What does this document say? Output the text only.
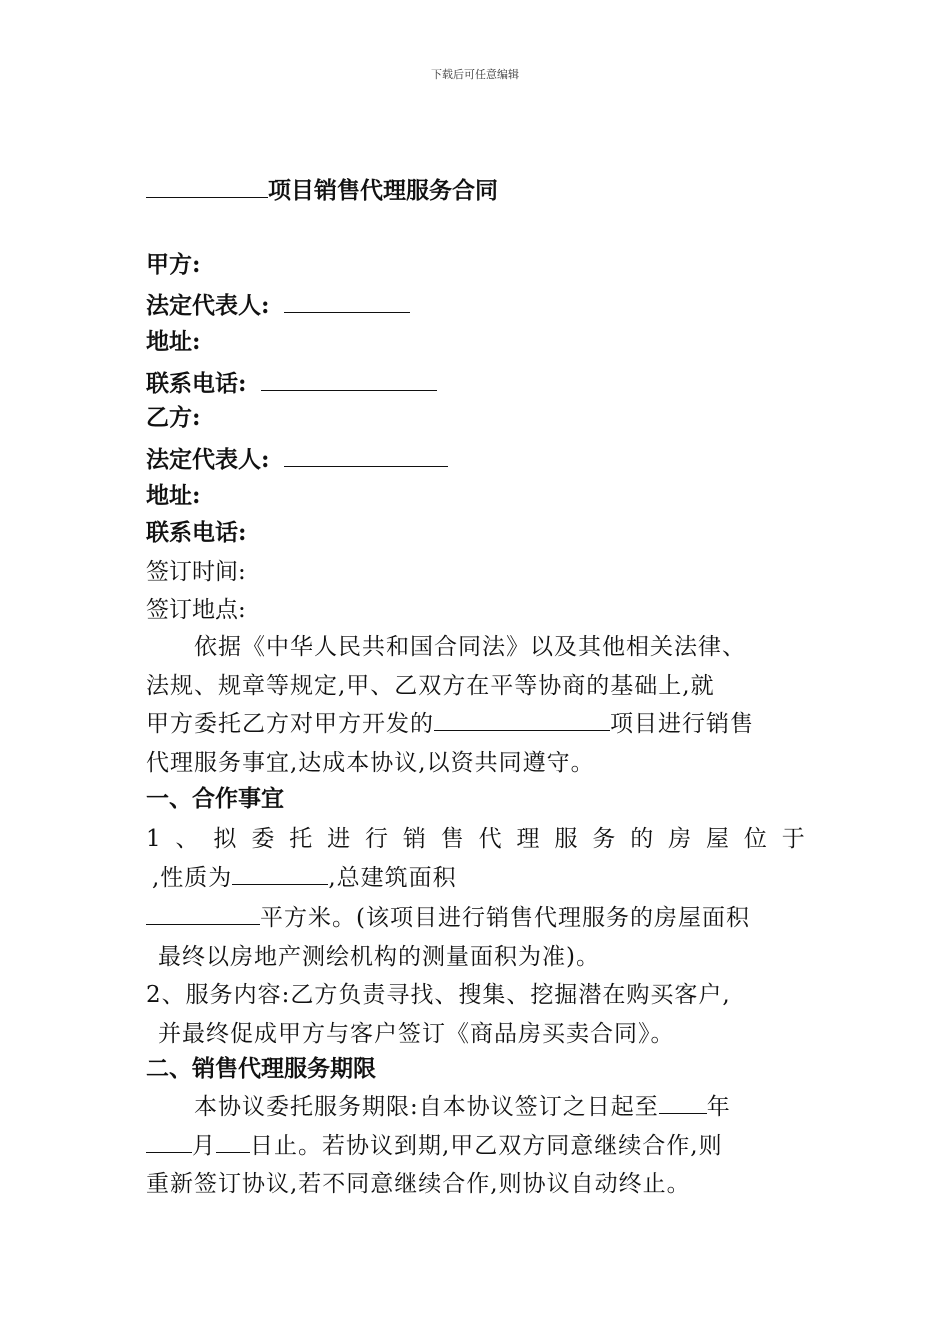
下载后可任意编辑
项目销售代理服务合同
甲方:
法定代表人:
地址:
联系电话:
乙方:
法定代表人:
地址:
联系电话:
签订时间:
签订地点:
依据《中华人民共和国合同法》以及其他相关法律、
法规、规章等规定,甲、乙双方在平等协商的基础上,就
甲方委托乙方对甲方开发的	项目进行销售
代理服务事宜,达成本协议,以资共同遵守。
一、合作事宜
1 、 拟 委 托 进 行 销 售 代 理 服 务 的 房 屋 位 于
,性质为	,总建筑面积
平方米。(该项目进行销售代理服务的房屋面积
最终以房地产测绘机构的测量面积为准)。
2、服务内容:乙方负责寻找、搜集、挖掘潜在购买客户,
并最终促成甲方与客户签订《商品房买卖合同》。
二、销售代理服务期限
本协议委托服务期限:自本协议签订之日起至 年
月 日止。若协议到期,甲乙双方同意继续合作,则
重新签订协议,若不同意继续合作,则协议自动终止。
